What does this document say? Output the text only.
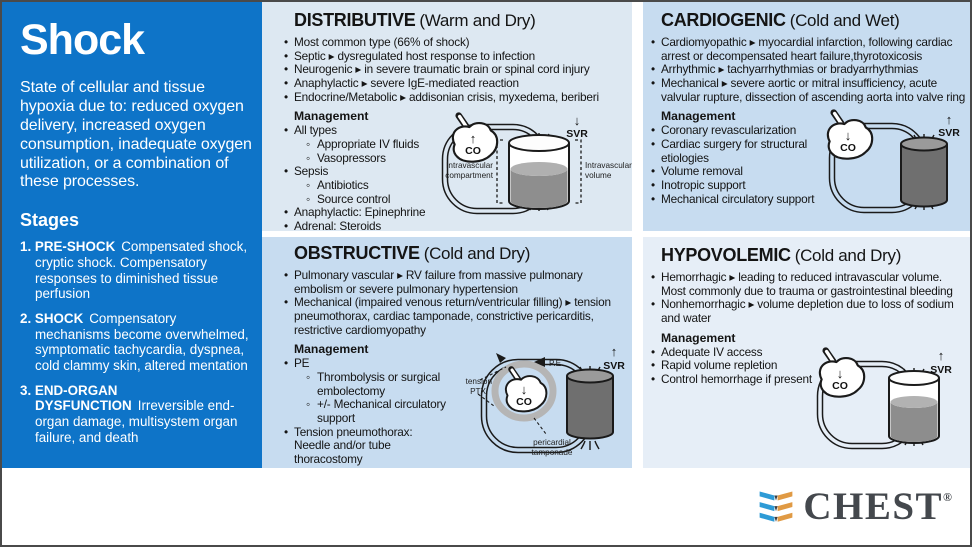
Shock

State of cellular and tissue hypoxia due to: reduced oxygen delivery, increased oxygen consumption, inadequate oxygen utilization, or a combination of these processes.

Stages
1. PRE-SHOCK Compensated shock, cryptic shock. Compensatory responses to diminished tissue perfusion
2. SHOCK Compensatory mechanisms become overwhelmed, symptomatic tachycardia, dyspnea, cold clammy skin, altered mentation
3. END-ORGAN DYSFUNCTION Irreversible end-organ damage, multisystem organ failure, and death
DISTRIBUTIVE (Warm and Dry)
• Most common type (66% of shock)
• Septic ▸ dysregulated host response to infection
• Neurogenic ▸ in severe traumatic brain or spinal cord injury
• Anaphylactic ▸ severe IgE-mediated reaction
• Endocrine/Metabolic ▸ addisonian crisis, myxedema, beriberi
Management
• All types
◦ Appropriate IV fluids
◦ Vasopressors
• Sepsis
◦ Antibiotics
◦ Source control
• Anaphylactic: Epinephrine
• Adrenal: Steroids
↑
CO
↓
SVR
Intravascular
compartment
Intravascular
volume
CARDIOGENIC (Cold and Wet)
• Cardiomyopathic ▸ myocardial infarction, following cardiac arrest or decompensated heart failure,thyrotoxicosis
• Arrhythmic ▸ tachyarrhythmias or bradyarrhythmias
• Mechanical ▸ severe aortic or mitral insufficiency, acute valvular rupture, dissection of ascending aorta into valve ring
Management
• Coronary revascularization
• Cardiac surgery for structural etiologies
• Volume removal
• Inotropic support
• Mechanical circulatory support
↓
CO
↑
SVR
OBSTRUCTIVE (Cold and Dry)
• Pulmonary vascular ▸ RV failure from massive pulmonary embolism or severe pulmonary hypertension
• Mechanical (impaired venous return/ventricular filling) ▸ tension pneumothorax, cardiac tamponade, constrictive pericarditis, restrictive cardiomyopathy
Management
• PE
◦ Thrombolysis or surgical embolectomy
◦ +/- Mechanical circulatory support
• Tension pneumothorax: Needle and/or tube thoracostomy
•
↓
CO
↑
SVR
tension
PTX
P.E.
pericardial
tamponade
HYPOVOLEMIC (Cold and Dry)
• Hemorrhagic ▸ leading to reduced intravascular volume. Most commonly due to trauma or gastrointestinal bleeding
• Nonhemorrhagic ▸ volume depletion due to loss of sodium and water
Management
• Adequate IV access
• Rapid volume repletion
• Control hemorrhage if present	↓
CO
↑
SVR
CHEST®
